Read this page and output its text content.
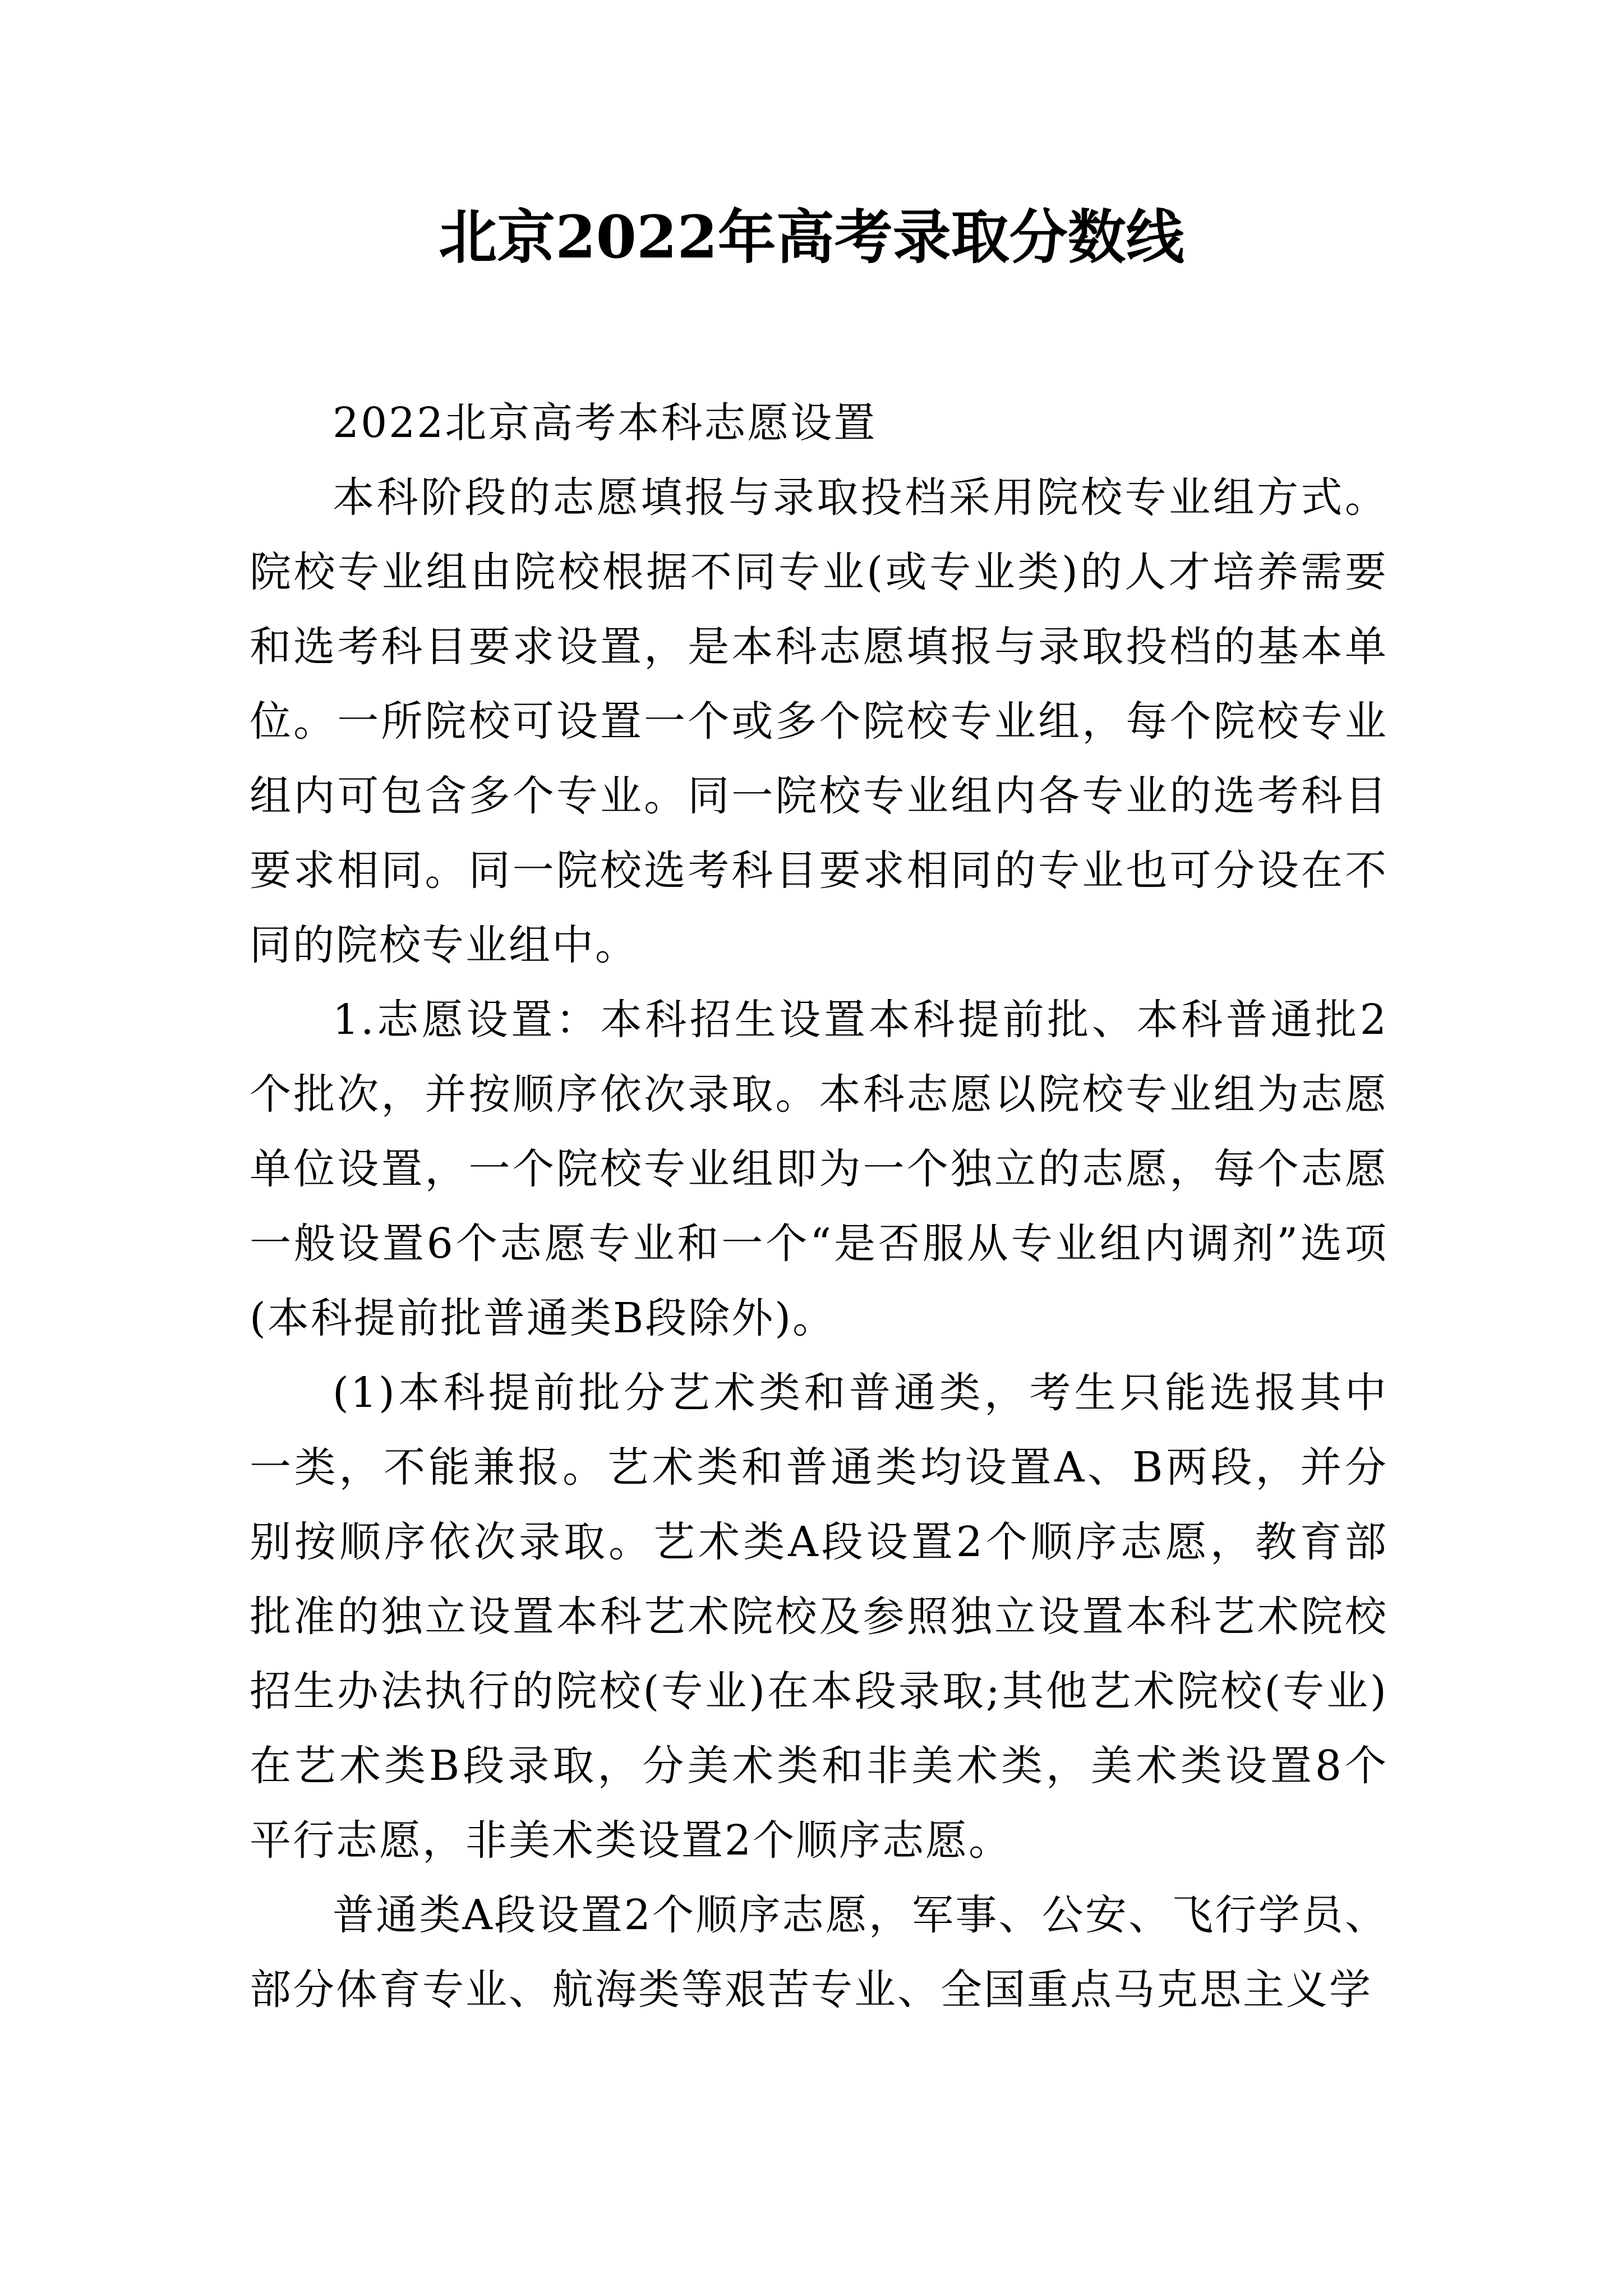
北京2022年高考录取分数线

2022北京高考本科志愿设置

本科阶段的志愿填报与录取投档采用院校专业组方式。院校专业组由院校根据不同专业(或专业类)的人才培养需要和选考科目要求设置，是本科志愿填报与录取投档的基本单位。一所院校可设置一个或多个院校专业组，每个院校专业组内可包含多个专业。同一院校专业组内各专业的选考科目要求相同。同一院校选考科目要求相同的专业也可分设在不同的院校专业组中。

1.志愿设置：本科招生设置本科提前批、本科普通批2个批次，并按顺序依次录取。本科志愿以院校专业组为志愿单位设置，一个院校专业组即为一个独立的志愿，每个志愿一般设置6个志愿专业和一个“是否服从专业组内调剂”选项(本科提前批普通类B段除外)。

(1)本科提前批分艺术类和普通类，考生只能选报其中一类，不能兼报。艺术类和普通类均设置A、B两段，并分别按顺序依次录取。艺术类A段设置2个顺序志愿，教育部批准的独立设置本科艺术院校及参照独立设置本科艺术院校招生办法执行的院校(专业)在本段录取;其他艺术院校(专业)在艺术类B段录取，分美术类和非美术类，美术类设置8个平行志愿，非美术类设置2个顺序志愿。

普通类A段设置2个顺序志愿，军事、公安、飞行学员、部分体育专业、航海类等艰苦专业、全国重点马克思主义学
